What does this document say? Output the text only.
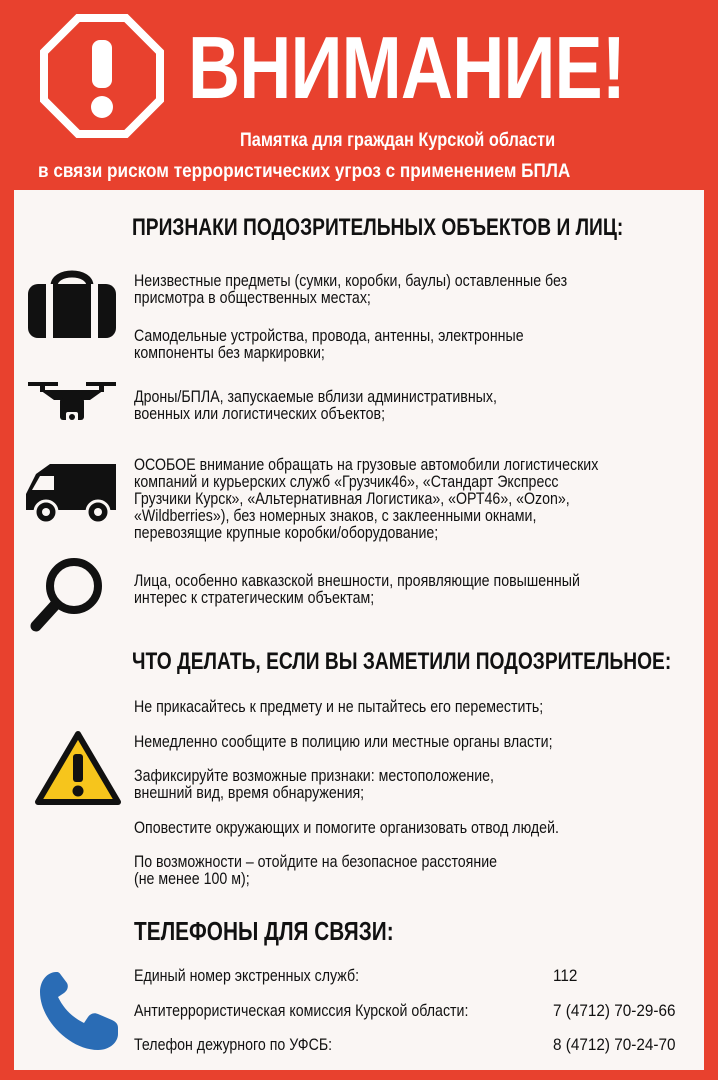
ВНИМАНИЕ!
Памятка для граждан Курской области
в связи риском террористических угроз с применением БПЛА
ПРИЗНАКИ ПОДОЗРИТЕЛЬНЫХ ОБЪЕКТОВ И ЛИЦ:
Неизвестные предметы (сумки, коробки, баулы) оставленные без
присмотра в общественных местах;
Самодельные устройства, провода, антенны, электронные
компоненты без маркировки;
Дроны/БПЛА, запускаемые вблизи административных,
военных или логистических объектов;
ОСОБОЕ внимание обращать на грузовые автомобили логистических
компаний и курьерских служб «Грузчик46», «Стандарт Экспресс
Грузчики Курск», «Альтернативная Логистика», «ОРТ46», «Ozon»,
«Wildberries»), без номерных знаков, с заклеенными окнами,
перевозящие крупные коробки/оборудование;
Лица, особенно кавказской внешности, проявляющие повышенный
интерес к стратегическим объектам;
ЧТО ДЕЛАТЬ, ЕСЛИ ВЫ ЗАМЕТИЛИ ПОДОЗРИТЕЛЬНОЕ:
Не прикасайтесь к предмету и не пытайтесь его переместить;
Немедленно сообщите в полицию или местные органы власти;
Зафиксируйте возможные признаки: местоположение,
внешний вид, время обнаружения;
Оповестите окружающих и помогите организовать отвод людей.
По возможности – отойдите на безопасное расстояние
(не менее 100 м);
ТЕЛЕФОНЫ ДЛЯ СВЯЗИ:
Единый номер экстренных служб:	112
Антитеррористическая комиссия Курской области:	7 (4712) 70-29-66
Телефон дежурного по УФСБ:	8 (4712) 70-24-70
